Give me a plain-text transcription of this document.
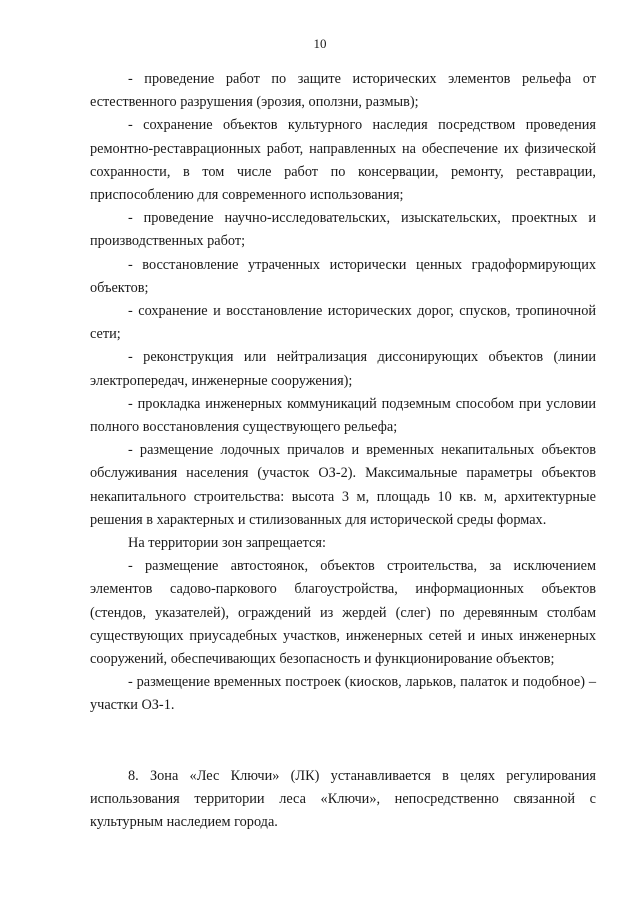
10

- проведение работ по защите исторических элементов рельефа от естественного разрушения (эрозия, оползни, размыв);

- сохранение объектов культурного наследия посредством проведения ремонтно-реставрационных работ, направленных на обеспечение их физической сохранности, в том числе работ по консервации, ремонту, реставрации, приспособлению для современного использования;

- проведение научно-исследовательских, изыскательских, проектных и производственных работ;

- восстановление утраченных исторически ценных градоформирующих объектов;

- сохранение и восстановление исторических дорог, спусков, тропиночной сети;

- реконструкция или нейтрализация диссонирующих объектов (линии электропередач, инженерные сооружения);

- прокладка инженерных коммуникаций подземным способом при условии полного восстановления существующего рельефа;

- размещение лодочных причалов и временных некапитальных объектов обслуживания населения (участок ОЗ-2). Максимальные параметры объектов некапитального строительства: высота 3 м, площадь 10 кв. м, архитектурные решения в характерных и стилизованных для исторической среды формах.

На территории зон запрещается:

- размещение автостоянок, объектов строительства, за исключением элементов садово-паркового благоустройства, информационных объектов (стендов, указателей), ограждений из жердей (слег) по деревянным столбам существующих приусадебных участков, инженерных сетей и иных инженерных сооружений, обеспечивающих безопасность и функционирование объектов;

- размещение временных построек (киосков, ларьков, палаток и подобное) – участки ОЗ-1.

8. Зона «Лес Ключи» (ЛК) устанавливается в целях регулирования использования территории леса «Ключи», непосредственно связанной с культурным наследием города.
